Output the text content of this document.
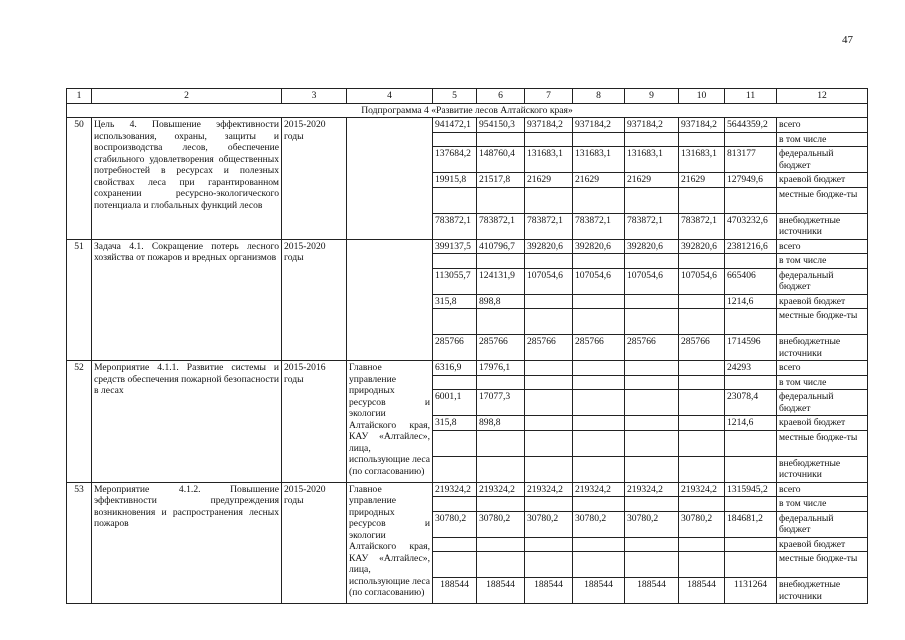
47
1	2	3	4	5	6	7	8	9	10	11	12
Подпрограмма 4 «Развитие лесов Алтайского края»											
50	Цель 4. Повышение эффективности использования, охраны, защиты и воспроизводства лесов, обеспечение стабильного удовлетворения общественных потребностей в ресурсах и полезных свойствах леса при гарантированном сохранении ресурсно-экологического потенциала и глобальных функций лесов	2015-2020 годы		941472,1	954150,3	937184,2	937184,2	937184,2	937184,2	5644359,2	всего
											в том числе
				137684,2	148760,4	131683,1	131683,1	131683,1	131683,1	813177	федеральный бюджет
				19915,8	21517,8	21629	21629	21629	21629	127949,6	краевой бюджет
											местные бюдже-ты
				783872,1	783872,1	783872,1	783872,1	783872,1	783872,1	4703232,6	внебюджетные источники
51	Задача 4.1. Сокращение потерь лесного хозяйства от пожаров и вредных организмов	2015-2020 годы		399137,5	410796,7	392820,6	392820,6	392820,6	392820,6	2381216,6	всего
											в том числе
				113055,7	124131,9	107054,6	107054,6	107054,6	107054,6	665406	федеральный бюджет
				315,8	898,8					1214,6	краевой бюджет
											местные бюдже-ты
				285766	285766	285766	285766	285766	285766	1714596	внебюджетные источники
52	Мероприятие 4.1.1. Развитие системы и средств обеспечения пожарной безопасности в лесах	2015-2016 годы	Главное управление природных ресурсов и экологии Алтайского края, КАУ «Алтайлес», лица, использующие леса (по согласованию)	6316,9	17976,1					24293	всего
											в том числе
				6001,1	17077,3					23078,4	федеральный бюджет
				315,8	898,8					1214,6	краевой бюджет
											местные бюдже-ты
											внебюджетные источники
53	Мероприятие 4.1.2. Повышение эффективности предупреждения возникновения и распространения лесных пожаров	2015-2020 годы	Главное управление природных ресурсов и экологии Алтайского края, КАУ «Алтайлес», лица, использующие леса (по согласованию)	219324,2	219324,2	219324,2	219324,2	219324,2	219324,2	1315945,2	всего
											в том числе
				30780,2	30780,2	30780,2	30780,2	30780,2	30780,2	184681,2	федеральный бюджет
											краевой бюджет
											местные бюдже-ты
				188544	188544	188544	188544	188544	188544	1131264	внебюджетные источники
